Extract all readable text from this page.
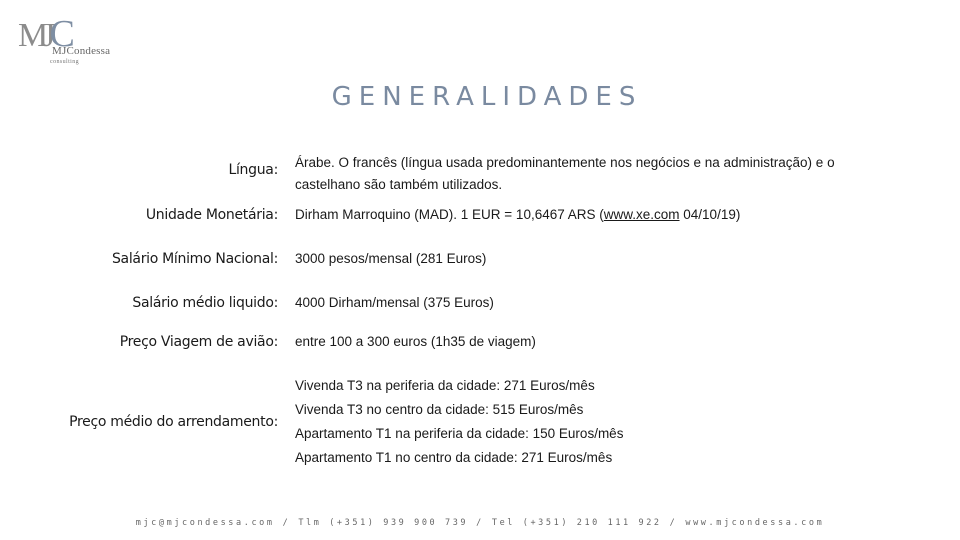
MJC
MJCondessa
consulting
GENERALIDADES
Língua: Árabe. O francês (língua usada predominantemente nos negócios e na administração) e o castelhano são também utilizados.
Unidade Monetária: Dirham Marroquino (MAD). 1 EUR = 10,6467 ARS (www.xe.com 04/10/19)
Salário Mínimo Nacional: 3000 pesos/mensal (281 Euros)
Salário médio liquido: 4000 Dirham/mensal (375 Euros)
Preço Viagem de avião: entre 100 a 300 euros (1h35 de viagem)
Preço médio do arrendamento:
Vivenda T3 na periferia da cidade: 271 Euros/mês
Vivenda T3 no centro da cidade: 515 Euros/mês
Apartamento T1 na periferia da cidade: 150 Euros/mês
Apartamento T1 no centro da cidade: 271 Euros/mês
mjc@mjcondessa.com / Tlm (+351) 939 900 739 / Tel (+351) 210 111 922 / www.mjcondessa.com
